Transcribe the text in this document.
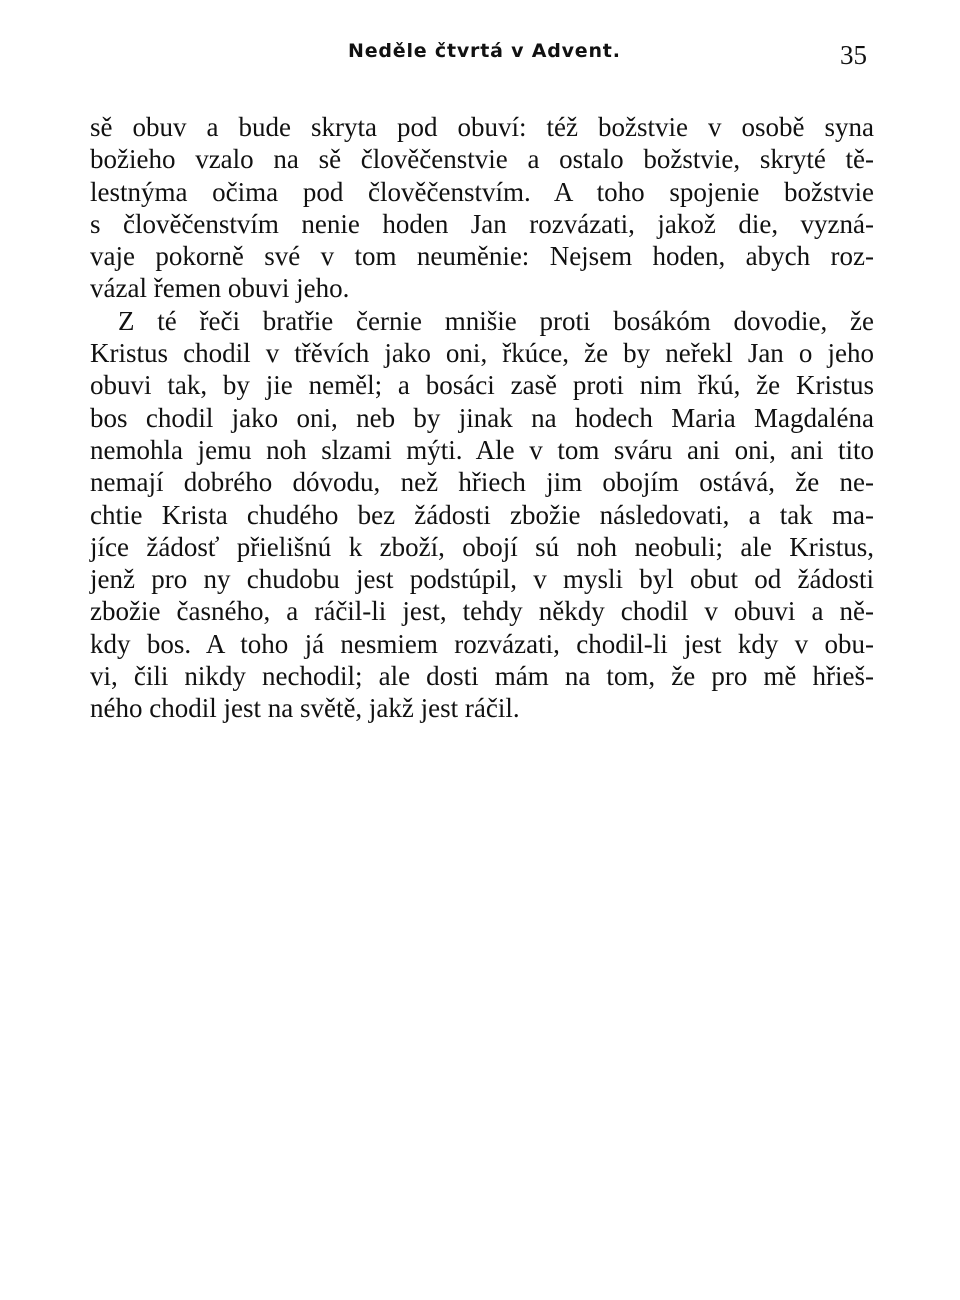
Neděle čtvrtá v Advent.	35
sě obuv a bude skryta pod obuví: též božstvie v osobě syna
božieho vzalo na sě člověčenstvie a ostalo božstvie, skryté tě-
lestnýma očima pod člověčenstvím. A toho spojenie božstvie
s člověčenstvím nenie hoden Jan rozvázati, jakož die, vyzná-
vaje pokorně své v tom neuměnie: Nejsem hoden, abych roz-
vázal řemen obuvi jeho.
Z té řeči bratřie černie mnišie proti bosákóm dovodie, že
Kristus chodil v třěvích jako oni, řkúce, že by neřekl Jan o jeho
obuvi tak, by jie neměl; a bosáci zasě proti nim řkú, že Kristus
bos chodil jako oni, neb by jinak na hodech Maria Magdaléna
nemohla jemu noh slzami mýti. Ale v tom sváru ani oni, ani tito
nemají dobrého dóvodu, než hřiech jim obojím ostává, že ne-
chtie Krista chudého bez žádosti zbožie následovati, a tak ma-
jíce žádosť přielišnú k zboží, obojí sú noh neobuli; ale Kristus,
jenž pro ny chudobu jest podstúpil, v mysli byl obut od žádosti
zbožie časného, a ráčil-li jest, tehdy někdy chodil v obuvi a ně-
kdy bos. A toho já nesmiem rozvázati, chodil-li jest kdy v obu-
vi, čili nikdy nechodil; ale dosti mám na tom, že pro mě hřieš-
ného chodil jest na světě, jakž jest ráčil.
